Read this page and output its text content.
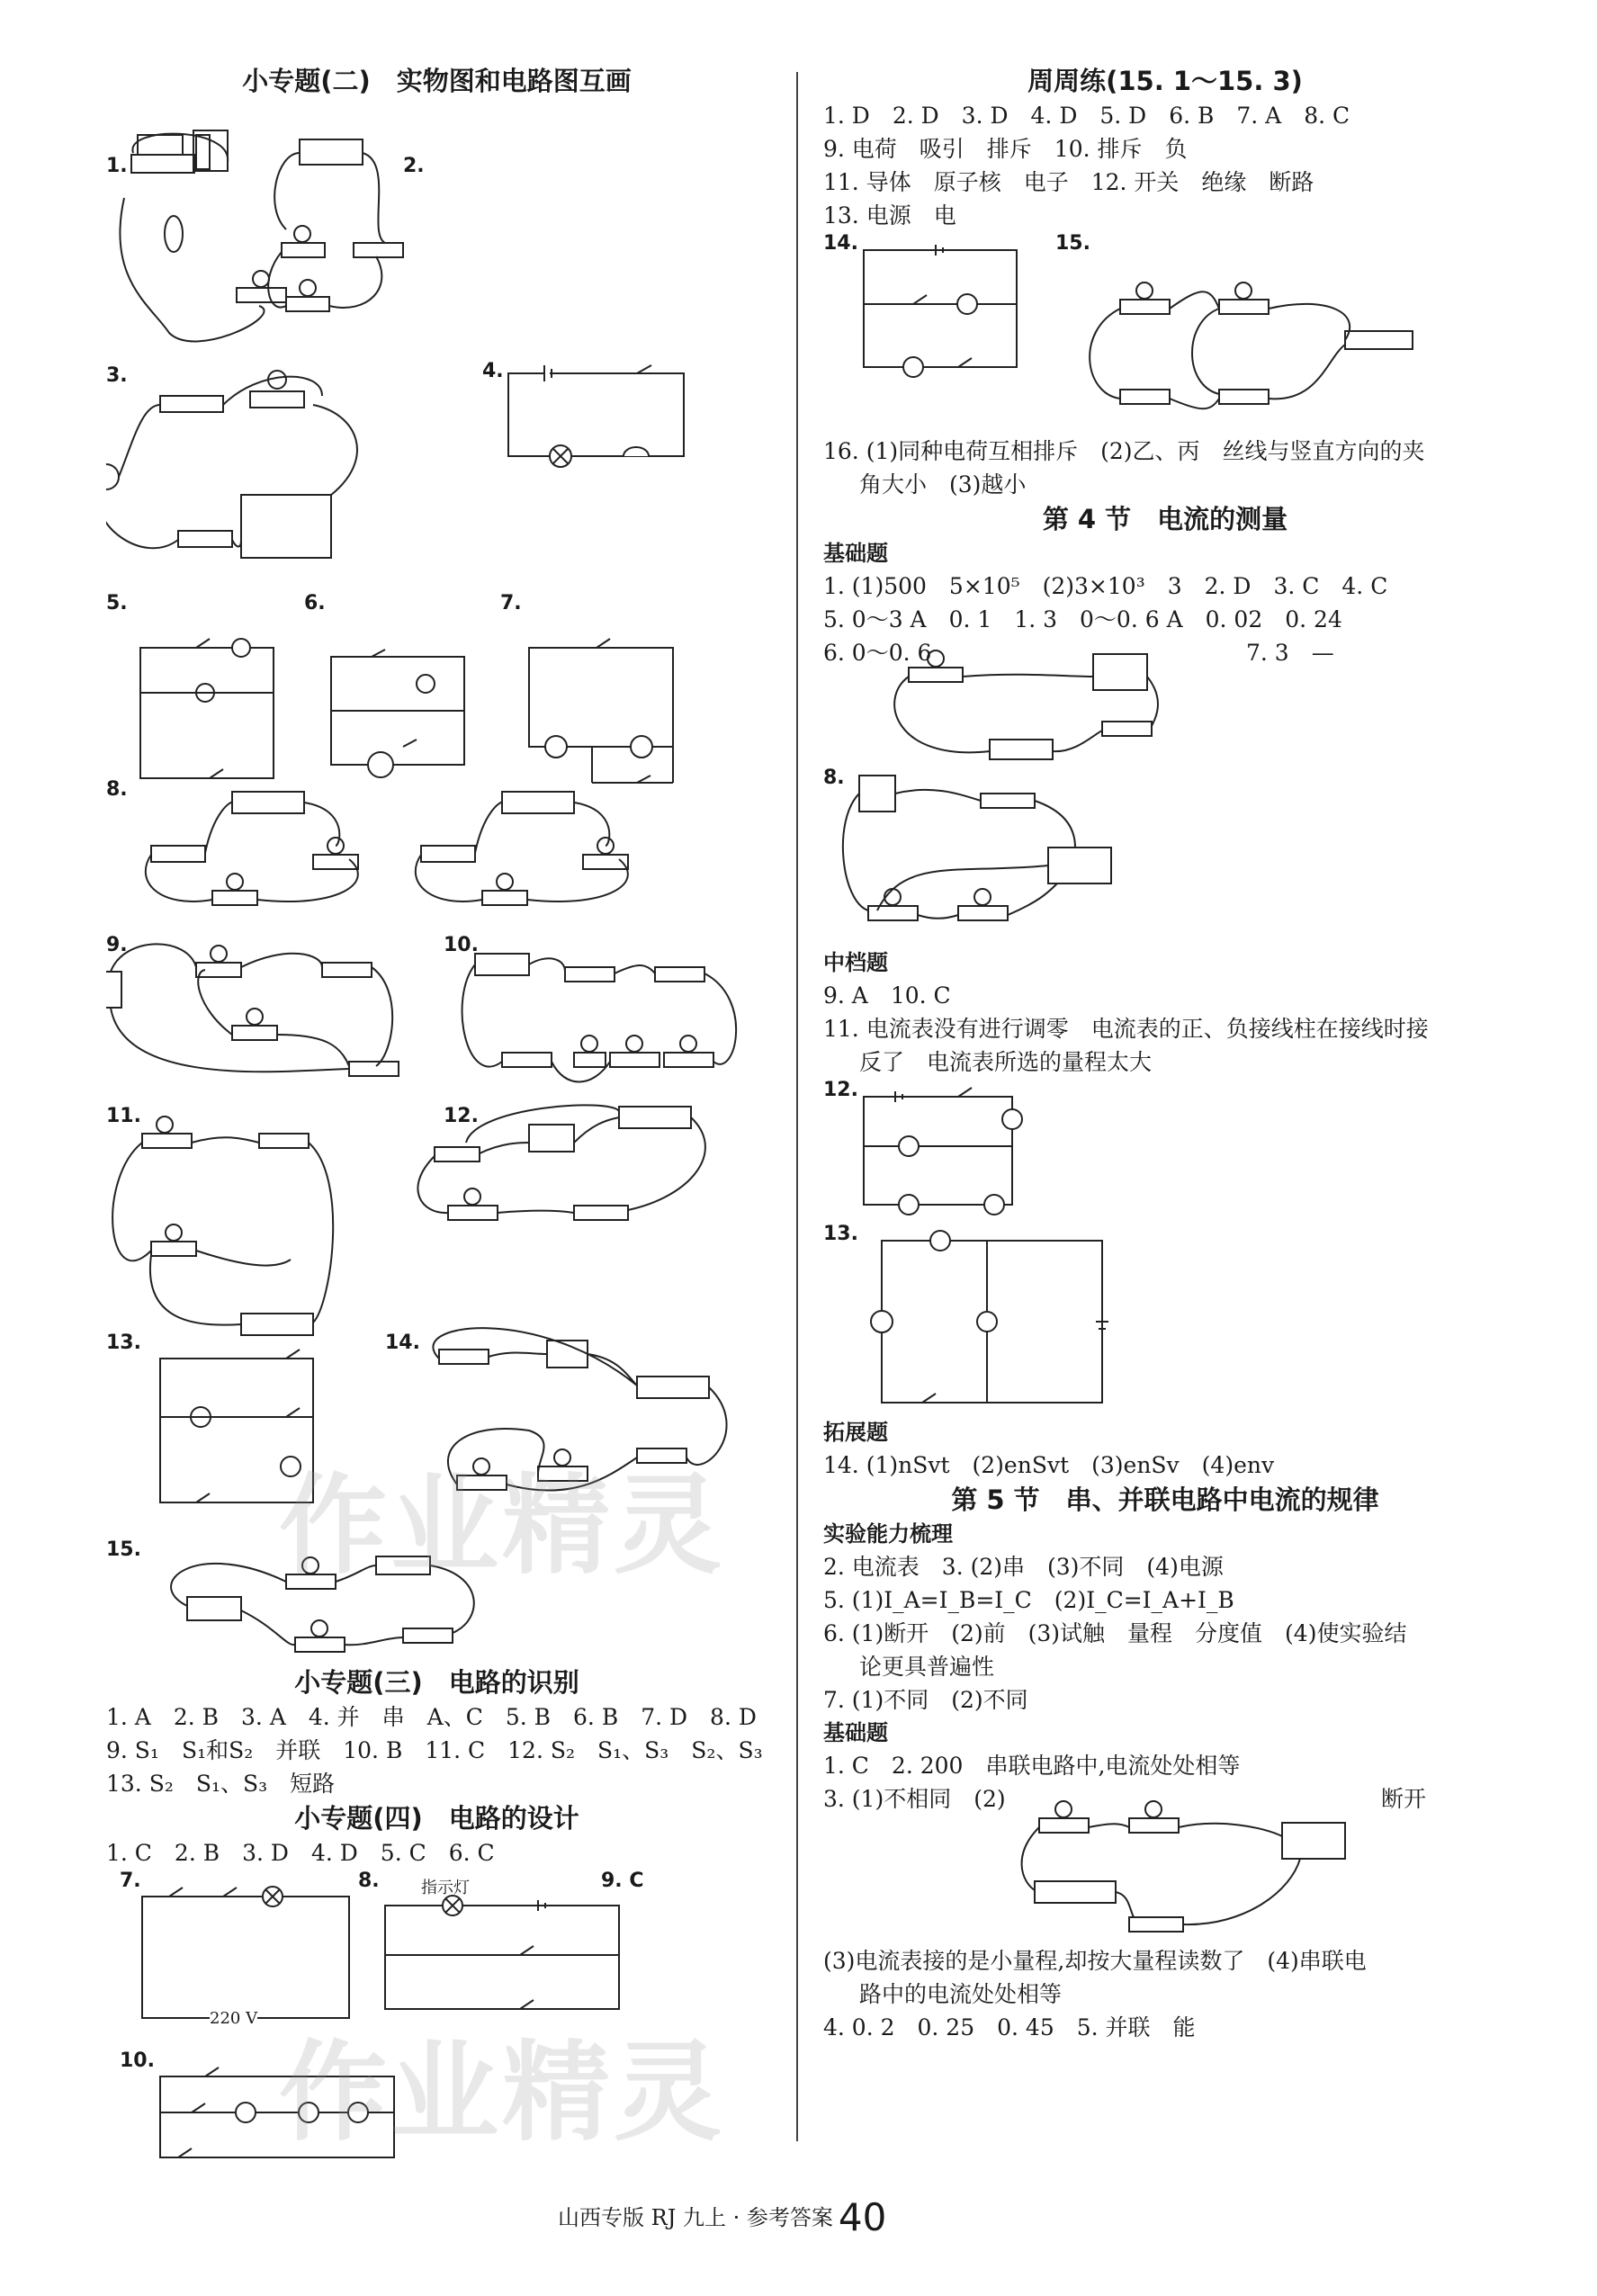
小专题(二)　实物图和电路图互画
1.	2.
3.	4.
5.	6.	7.
8.
9.	10.
11.	12.
13.	14.
15.
小专题(三)　电路的识别
1. A　2. B　3. A　4. 并　串　A、C　5. B　6. B　7. D　8. D
9. S₁　S₁和S₂　并联　10. B　11. C　12. S₂　S₁、S₃　S₂、S₃
13. S₂　S₁、S₃　短路
小专题(四)　电路的设计
1. C　2. B　3. D　4. D　5. C　6. C
7.	8.	9. C
10.
指示灯
220 V
周周练(15. 1～15. 3)
1. D　2. D　3. D　4. D　5. D　6. B　7. A　8. C
9. 电荷　吸引　排斥　10. 排斥　负
11. 导体　原子核　电子　12. 开关　绝缘　断路
13. 电源　电
14.	15.
16. (1)同种电荷互相排斥　(2)乙、丙　丝线与竖直方向的夹
角大小　(3)越小
第 4 节　电流的测量
基础题
1. (1)500　5×10⁵　(2)3×10³　3　2. D　3. C　4. C
5. 0～3 A　0. 1　1. 3　0～0. 6 A　0. 02　0. 24
6. 0～0. 6	7. 3　—
8.
中档题
9. A　10. C
11. 电流表没有进行调零　电流表的正、负接线柱在接线时接
反了　电流表所选的量程太大
12.
13.
拓展题
14. (1)nSvt　(2)enSvt　(3)enSv　(4)env
第 5 节　串、并联电路中电流的规律
实验能力梳理
2. 电流表　3. (2)串　(3)不同　(4)电源
5. (1)I_A=I_B=I_C　(2)I_C=I_A+I_B
6. (1)断开　(2)前　(3)试触　量程　分度值　(4)使实验结
论更具普遍性
7. (1)不同　(2)不同
基础题
1. C　2. 200　串联电路中,电流处处相等
3. (1)不相同　(2)	断开
(3)电流表接的是小量程,却按大量程读数了　(4)串联电
路中的电流处处相等
4. 0. 2　0. 25　0. 45　5. 并联　能
作业精灵
作业精灵
山西专版 RJ 九上 · 参考答案 40
